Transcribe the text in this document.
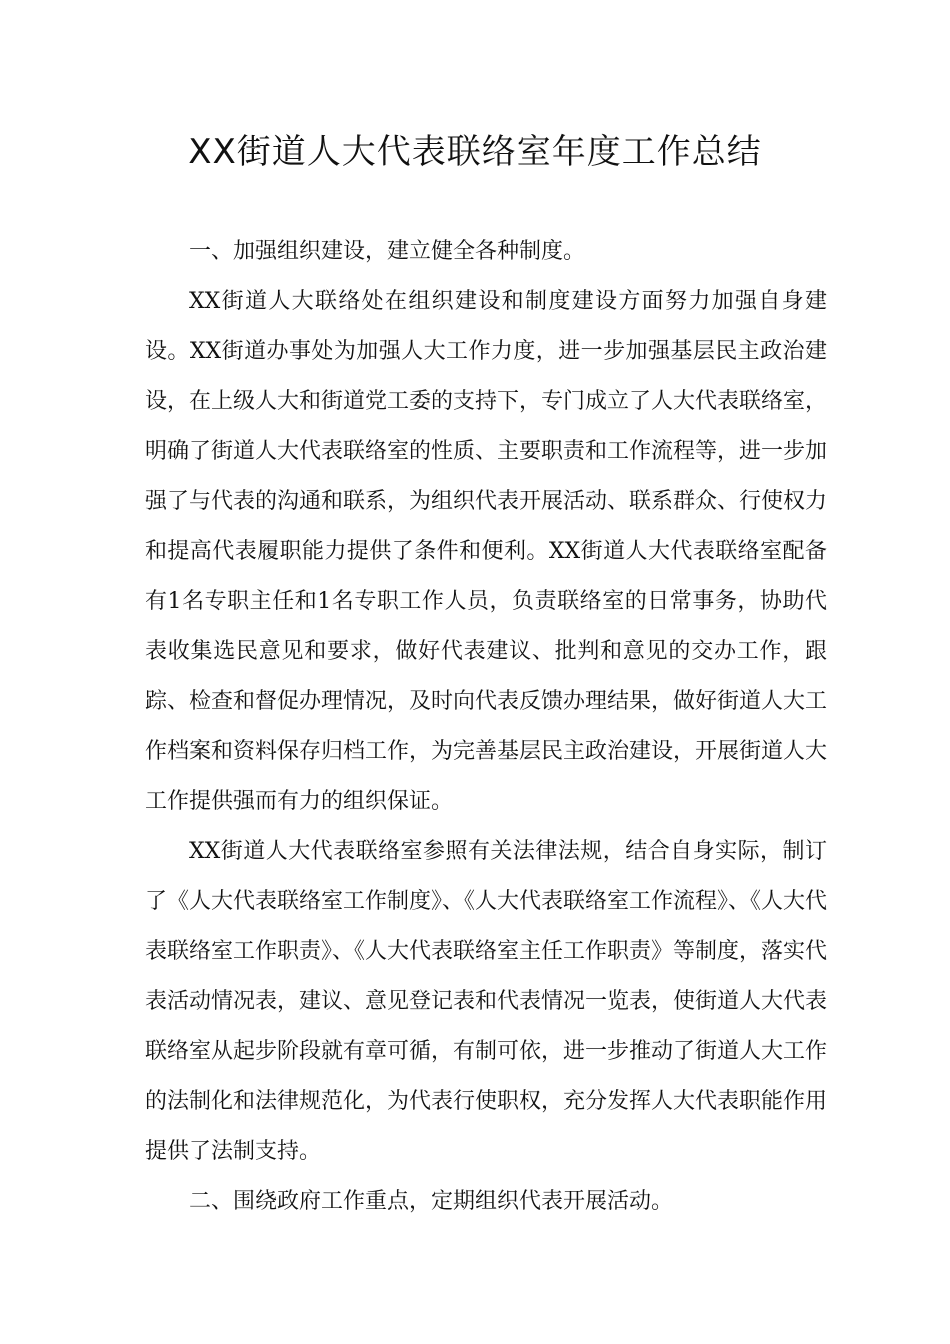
XX街道人大代表联络室年度工作总结

一、加强组织建设，建立健全各种制度。

XX街道人大联络处在组织建设和制度建设方面努力加强自身建设。XX街道办事处为加强人大工作力度，进一步加强基层民主政治建设，在上级人大和街道党工委的支持下，专门成立了人大代表联络室，明确了街道人大代表联络室的性质、主要职责和工作流程等，进一步加强了与代表的沟通和联系，为组织代表开展活动、联系群众、行使权力和提高代表履职能力提供了条件和便利。XX街道人大代表联络室配备有1名专职主任和1名专职工作人员，负责联络室的日常事务，协助代表收集选民意见和要求，做好代表建议、批判和意见的交办工作，跟踪、检查和督促办理情况，及时向代表反馈办理结果，做好街道人大工作档案和资料保存归档工作，为完善基层民主政治建设，开展街道人大工作提供强而有力的组织保证。

XX街道人大代表联络室参照有关法律法规，结合自身实际，制订了《人大代表联络室工作制度》、《人大代表联络室工作流程》、《人大代表联络室工作职责》、《人大代表联络室主任工作职责》等制度，落实代表活动情况表，建议、意见登记表和代表情况一览表，使街道人大代表联络室从起步阶段就有章可循，有制可依，进一步推动了街道人大工作的法制化和法律规范化，为代表行使职权，充分发挥人大代表职能作用提供了法制支持。

二、围绕政府工作重点，定期组织代表开展活动。
